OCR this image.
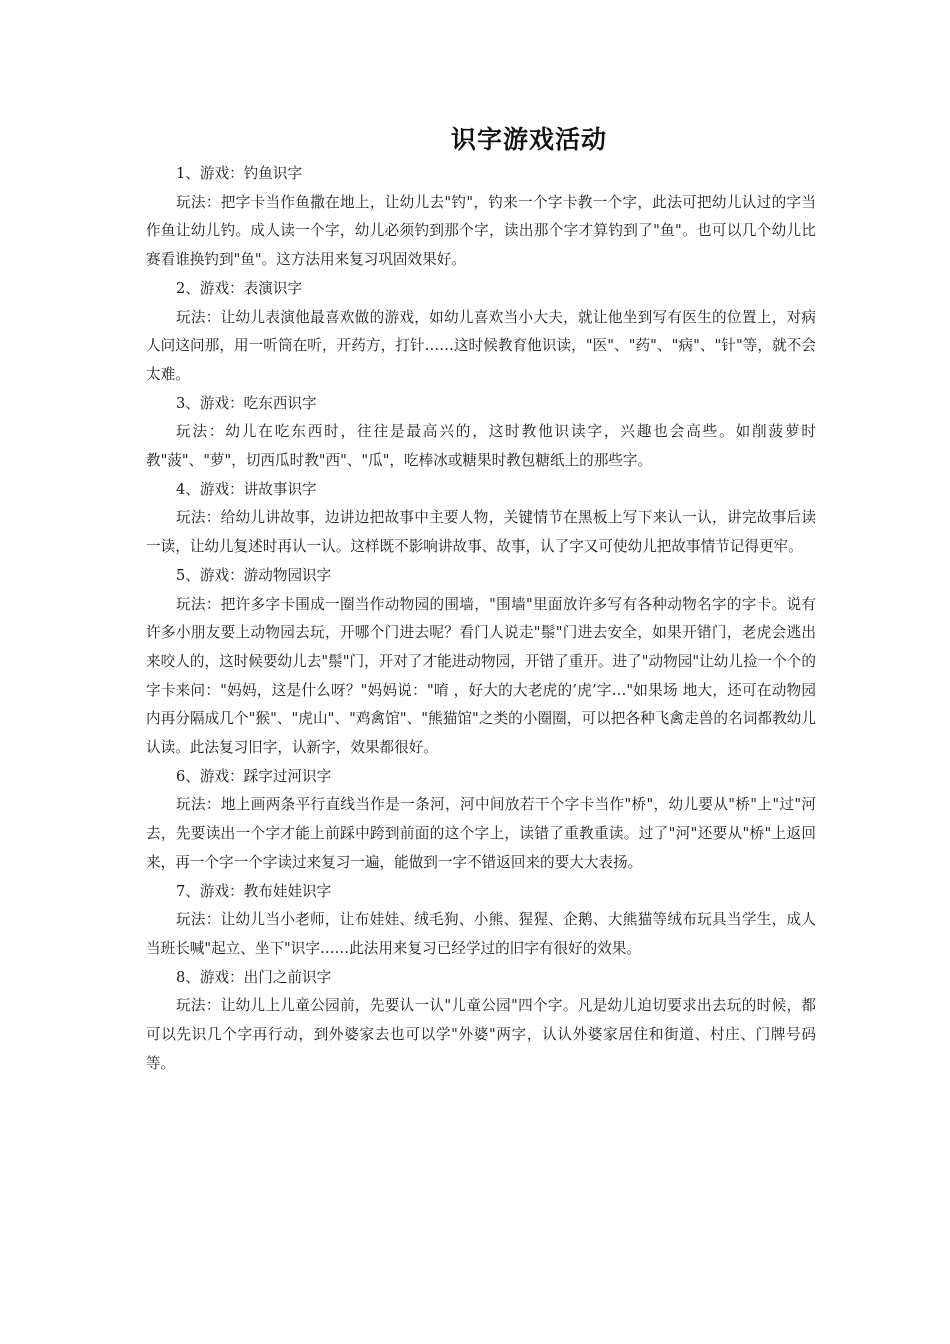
识字游戏活动

1、游戏：钓鱼识字

玩法：把字卡当作鱼撒在地上，让幼儿去"钓"，钓来一个字卡教一个字，此法可把幼儿认过的字当作鱼让幼儿钓。成人读一个字，幼儿必须钓到那个字，读出那个字才算钓到了"鱼"。也可以几个幼儿比赛看谁换钓到"鱼"。这方法用来复习巩固效果好。

2、游戏：表演识字

玩法：让幼儿表演他最喜欢做的游戏，如幼儿喜欢当小大夫，就让他坐到写有医生的位置上，对病人问这问那，用一听筒在听，开药方，打针……这时候教育他识读，"医"、"药"、"病"、"针"等，就不会太难。

3、游戏：吃东西识字

玩法：幼儿在吃东西时，往往是最高兴的，这时教他识读字，兴趣也会高些。如削菠萝时教"菠"、"萝"，切西瓜时教"西"、"瓜"，吃棒冰或糖果时教包糖纸上的那些字。

4、游戏：讲故事识字

玩法：给幼儿讲故事，边讲边把故事中主要人物，关键情节在黑板上写下来认一认，讲完故事后读一读，让幼儿复述时再认一认。这样既不影响讲故事、故事，认了字又可使幼儿把故事情节记得更牢。

5、游戏：游动物园识字

玩法：把许多字卡围成一圈当作动物园的围墙，"围墙"里面放许多写有各种动物名字的字卡。说有许多小朋友要上动物园去玩，开哪个门进去呢？看门人说走"鬃"门进去安全，如果开错门，老虎会逃出来咬人的，这时候要幼儿去"鬃"门，开对了才能进动物园，开错了重开。进了"动物园"让幼儿捡一个个的字卡来问："妈妈，这是什么呀？"妈妈说："唷 ，好大的大老虎的’虎’字…"如果场 地大，还可在动物园内再分隔成几个"猴"、"虎山"、"鸡禽馆"、"熊猫馆"之类的小圈圈，可以把各种飞禽走兽的名词都教幼儿认读。此法复习旧字，认新字，效果都很好。

6、游戏：踩字过河识字

玩法：地上画两条平行直线当作是一条河，河中间放若干个字卡当作"桥"，幼儿要从"桥"上"过"河去，先要读出一个字才能上前踩中跨到前面的这个字上，读错了重教重读。过了"河"还要从"桥"上返回来，再一个字一个字读过来复习一遍，能做到一字不错返回来的要大大表扬。

7、游戏：教布娃娃识字

玩法：让幼儿当小老师，让布娃娃、绒毛狗、小熊、猩猩、企鹅、大熊猫等绒布玩具当学生，成人当班长喊"起立、坐下"识字……此法用来复习已经学过的旧字有很好的效果。

8、游戏：出门之前识字

玩法：让幼儿上儿童公园前，先要认一认"儿童公园"四个字。凡是幼儿迫切要求出去玩的时候，都可以先识几个字再行动，到外婆家去也可以学"外婆"两字，认认外婆家居住和街道、村庄、门牌号码等。
